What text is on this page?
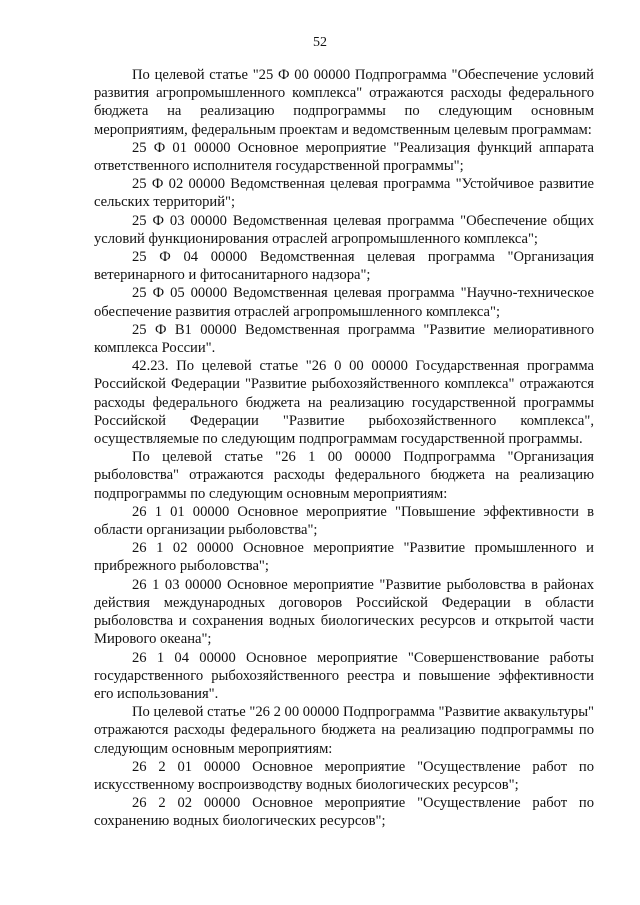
52

По целевой статье "25 Ф 00 00000 Подпрограмма "Обеспечение условий развития агропромышленного комплекса" отражаются расходы федерального бюджета на реализацию подпрограммы по следующим основным мероприятиям, федеральным проектам и ведомственным целевым программам:

25 Ф 01 00000 Основное мероприятие "Реализация функций аппарата ответственного исполнителя государственной программы";

25 Ф 02 00000 Ведомственная целевая программа "Устойчивое развитие сельских территорий";

25 Ф 03 00000 Ведомственная целевая программа "Обеспечение общих условий функционирования отраслей агропромышленного комплекса";

25 Ф 04 00000 Ведомственная целевая программа "Организация ветеринарного и фитосанитарного надзора";

25 Ф 05 00000 Ведомственная целевая программа "Научно-техническое обеспечение развития отраслей агропромышленного комплекса";

25 Ф В1 00000 Ведомственная программа "Развитие мелиоративного комплекса России".

42.23. По целевой статье "26 0 00 00000 Государственная программа Российской Федерации "Развитие рыбохозяйственного комплекса" отражаются расходы федерального бюджета на реализацию государственной программы Российской Федерации "Развитие рыбохозяйственного комплекса", осуществляемые по следующим подпрограммам государственной программы.

По целевой статье "26 1 00 00000 Подпрограмма "Организация рыболовства" отражаются расходы федерального бюджета на реализацию подпрограммы по следующим основным мероприятиям:

26 1 01 00000 Основное мероприятие "Повышение эффективности в области организации рыболовства";

26 1 02 00000 Основное мероприятие "Развитие промышленного и прибрежного рыболовства";

26 1 03 00000 Основное мероприятие "Развитие рыболовства в районах действия международных договоров Российской Федерации в области рыболовства и сохранения водных биологических ресурсов и открытой части Мирового океана";

26 1 04 00000 Основное мероприятие "Совершенствование работы государственного рыбохозяйственного реестра и повышение эффективности его использования".

По целевой статье "26 2 00 00000 Подпрограмма "Развитие аквакультуры" отражаются расходы федерального бюджета на реализацию подпрограммы по следующим основным мероприятиям:

26 2 01 00000 Основное мероприятие "Осуществление работ по искусственному воспроизводству водных биологических ресурсов";

26 2 02 00000 Основное мероприятие "Осуществление работ по сохранению водных биологических ресурсов";
